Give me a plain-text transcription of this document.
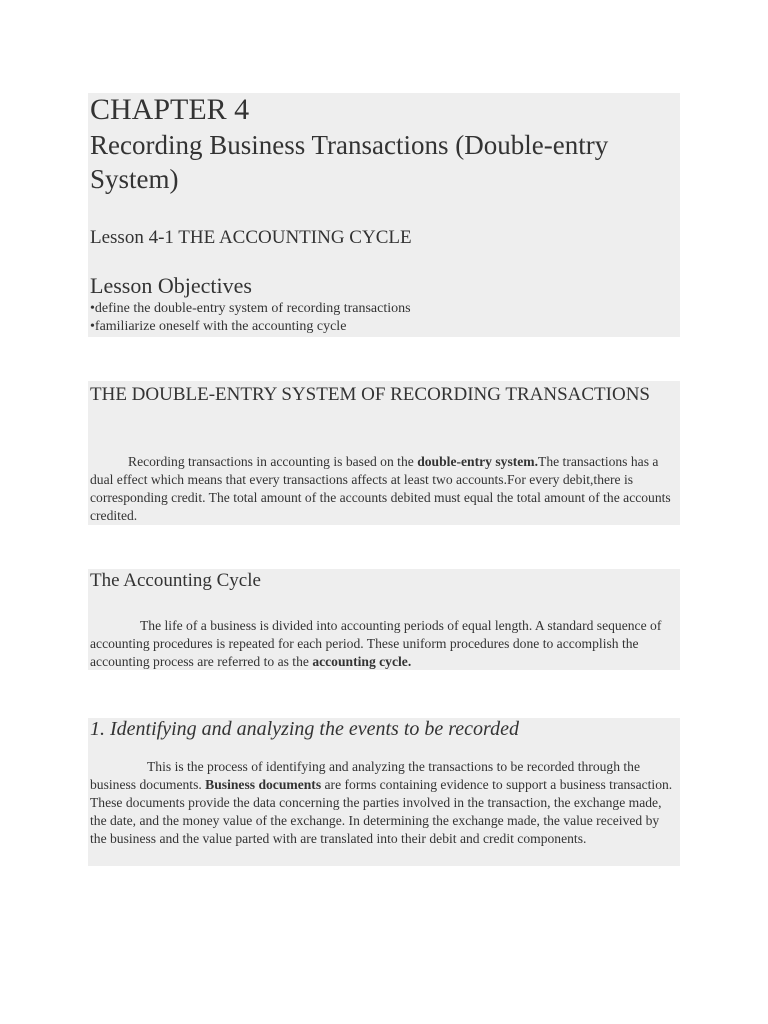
CHAPTER 4
Recording Business Transactions (Double-entry System)
Lesson 4-1 THE ACCOUNTING CYCLE
Lesson Objectives
•define the double-entry system of recording transactions
•familiarize oneself with the accounting cycle
THE DOUBLE-ENTRY SYSTEM OF RECORDING TRANSACTIONS
Recording transactions in accounting is based on the double-entry system.The transactions has a dual effect which means that every transactions affects at least two accounts.For every debit,there is corresponding credit. The total amount of the accounts debited must equal the total amount of the accounts credited.
The Accounting Cycle
The life of a business is divided into accounting periods of equal length. A standard sequence of accounting procedures is repeated for each period. These uniform procedures done to accomplish the accounting process are referred to as the accounting cycle.
1. Identifying and analyzing the events to be recorded
This is the process of identifying and analyzing the transactions to be recorded through the business documents. Business documents are forms containing evidence to support a business transaction. These documents provide the data concerning the parties involved in the transaction, the exchange made, the date, and the money value of the exchange. In determining the exchange made, the value received by the business and the value parted with are translated into their debit and credit components.
